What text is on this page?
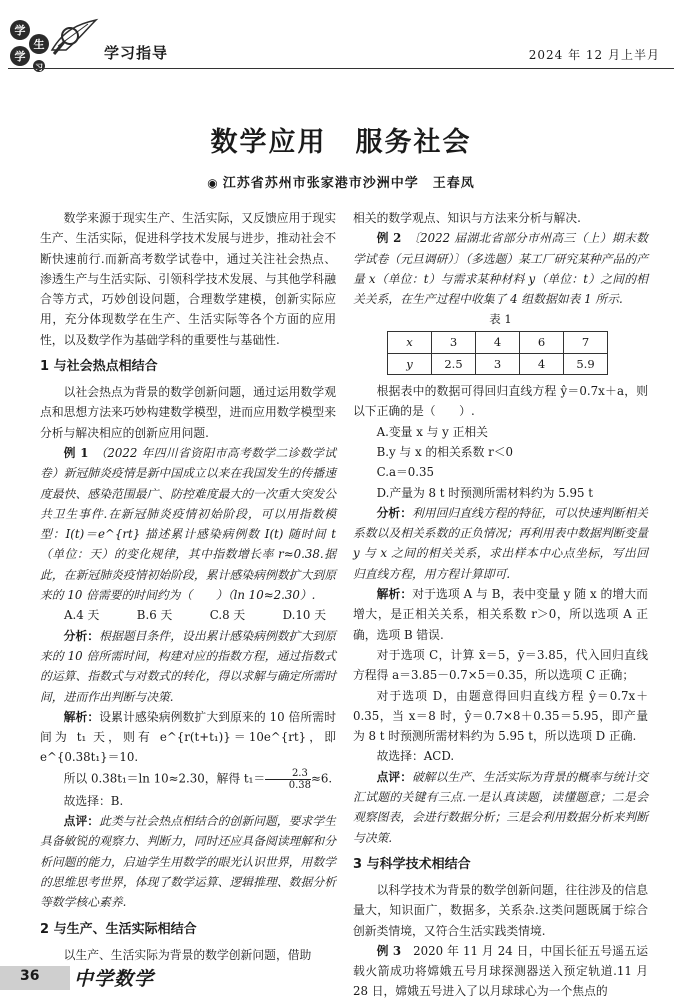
学
生
学
习
学习指导	2024 年 12 月上半月
数学应用　服务社会
◉ 江苏省苏州市张家港市沙洲中学　王春凤

数学来源于现实生产、生活实际，又反馈应用于现实生产、生活实际，促进科学技术发展与进步，推动社会不断快速前行.而新高考数学试卷中，通过关注社会热点、渗透生产与生活实际、引领科学技术发展、与其他学科融合等方式，巧妙创设问题，合理数学建模，创新实际应用，充分体现数学在生产、生活实际等各个方面的应用性，以及数学作为基础学科的重要性与基础性.

1 与社会热点相结合

以社会热点为背景的数学创新问题，通过运用数学观点和思想方法来巧妙构建数学模型，进而应用数学模型来分析与解决相应的创新应用问题.

例 1　 （2022 年四川省资阳市高考数学二诊数学试卷）新冠肺炎疫情是新中国成立以来在我国发生的传播速度最快、感染范围最广、防控难度最大的一次重大突发公共卫生事件.在新冠肺炎疫情初始阶段，可以用指数模型：I(t)＝e^{rt} 描述累计感染病例数 I(t) 随时间 t（单位：天）的变化规律，其中指数增长率 r≈0.38.据此，在新冠肺炎疫情初始阶段，累计感染病例数扩大到原来的 10 倍需要的时间约为（　　）（ln 10≈2.30）.

A.4 天	B.6 天	C.8 天	D.10 天

分析：根据题目条件，设出累计感染病例数扩大到原来的 10 倍所需时间，构建对应的指数方程，通过指数式的运算、指数式与对数式的转化，得以求解与确定所需时间，进而作出判断与决策.

解析：设累计感染病例数扩大到原来的 10 倍所需时间为 t₁ 天，则有 e^{r(t+t₁)}＝10e^{rt}，即 e^{0.38t₁}＝10.

所以 0.38t₁＝ln 10≈2.30，解得 $t_1= \frac{2.3}{0.38} \approx 6$.

故选择：B.

点评：此类与社会热点相结合的创新问题，要求学生具备敏锐的观察力、判断力，同时还应具备阅读理解和分析问题的能力，启迪学生用数学的眼光认识世界，用数学的思维思考世界，体现了数学运算、逻辑推理、数据分析等数学核心素养.

2 与生产、生活实际相结合

以生产、生活实际为背景的数学创新问题，借助

相关的数学观点、知识与方法来分析与解决.

例 2　 〔2022 届湖北省部分市州高三（上）期末数学试卷（元旦调研）〕（多选题）某工厂研究某种产品的产量 x（单位：t）与需求某种材料 y（单位：t）之间的相关关系，在生产过程中收集了 4 组数据如表 1 所示.

表 1
x	3	4	6	7
y	2.5	3	4	5.9

根据表中的数据可得回归直线方程 ŷ＝0.7x＋a，则以下正确的是（　　）.

A.变量 x 与 y 正相关

B.y 与 x 的相关系数 r＜0

C.a＝0.35

D.产量为 8 t 时预测所需材料约为 5.95 t

分析：利用回归直线方程的特征，可以快速判断相关系数以及相关系数的正负情况；再利用表中数据判断变量 y 与 x 之间的相关关系，求出样本中心点坐标，写出回归直线方程，用方程计算即可.

解析：对于选项 A 与 B，表中变量 y 随 x 的增大而增大，是正相关关系，相关系数 r＞0，所以选项 A 正确，选项 B 错误.

对于选项 C，计算 x̄＝5，ȳ＝3.85，代入回归直线方程得 a＝3.85－0.7×5＝0.35，所以选项 C 正确；

对于选项 D，由题意得回归直线方程 ŷ＝0.7x＋0.35，当 x＝8 时，ŷ＝0.7×8＋0.35＝5.95，即产量为 8 t 时预测所需材料约为 5.95 t，所以选项 D 正确.

故选择：ACD.

点评：破解以生产、生活实际为背景的概率与统计交汇试题的关键有三点.一是认真读题，读懂题意；二是会观察图表，会进行数据分析；三是会利用数据分析来判断与决策.

3 与科学技术相结合

以科学技术为背景的数学创新问题，往往涉及的信息量大，知识面广，数据多，关系杂.这类问题既属于综合创新类情境，又符合生活实践类情境.

例 3　 2020 年 11 月 24 日，中国长征五号遥五运载火箭成功将嫦娥五号月球探测器送入预定轨道.11 月 28 日，嫦娥五号进入了以月球球心为一个焦点的

36 中学数学
